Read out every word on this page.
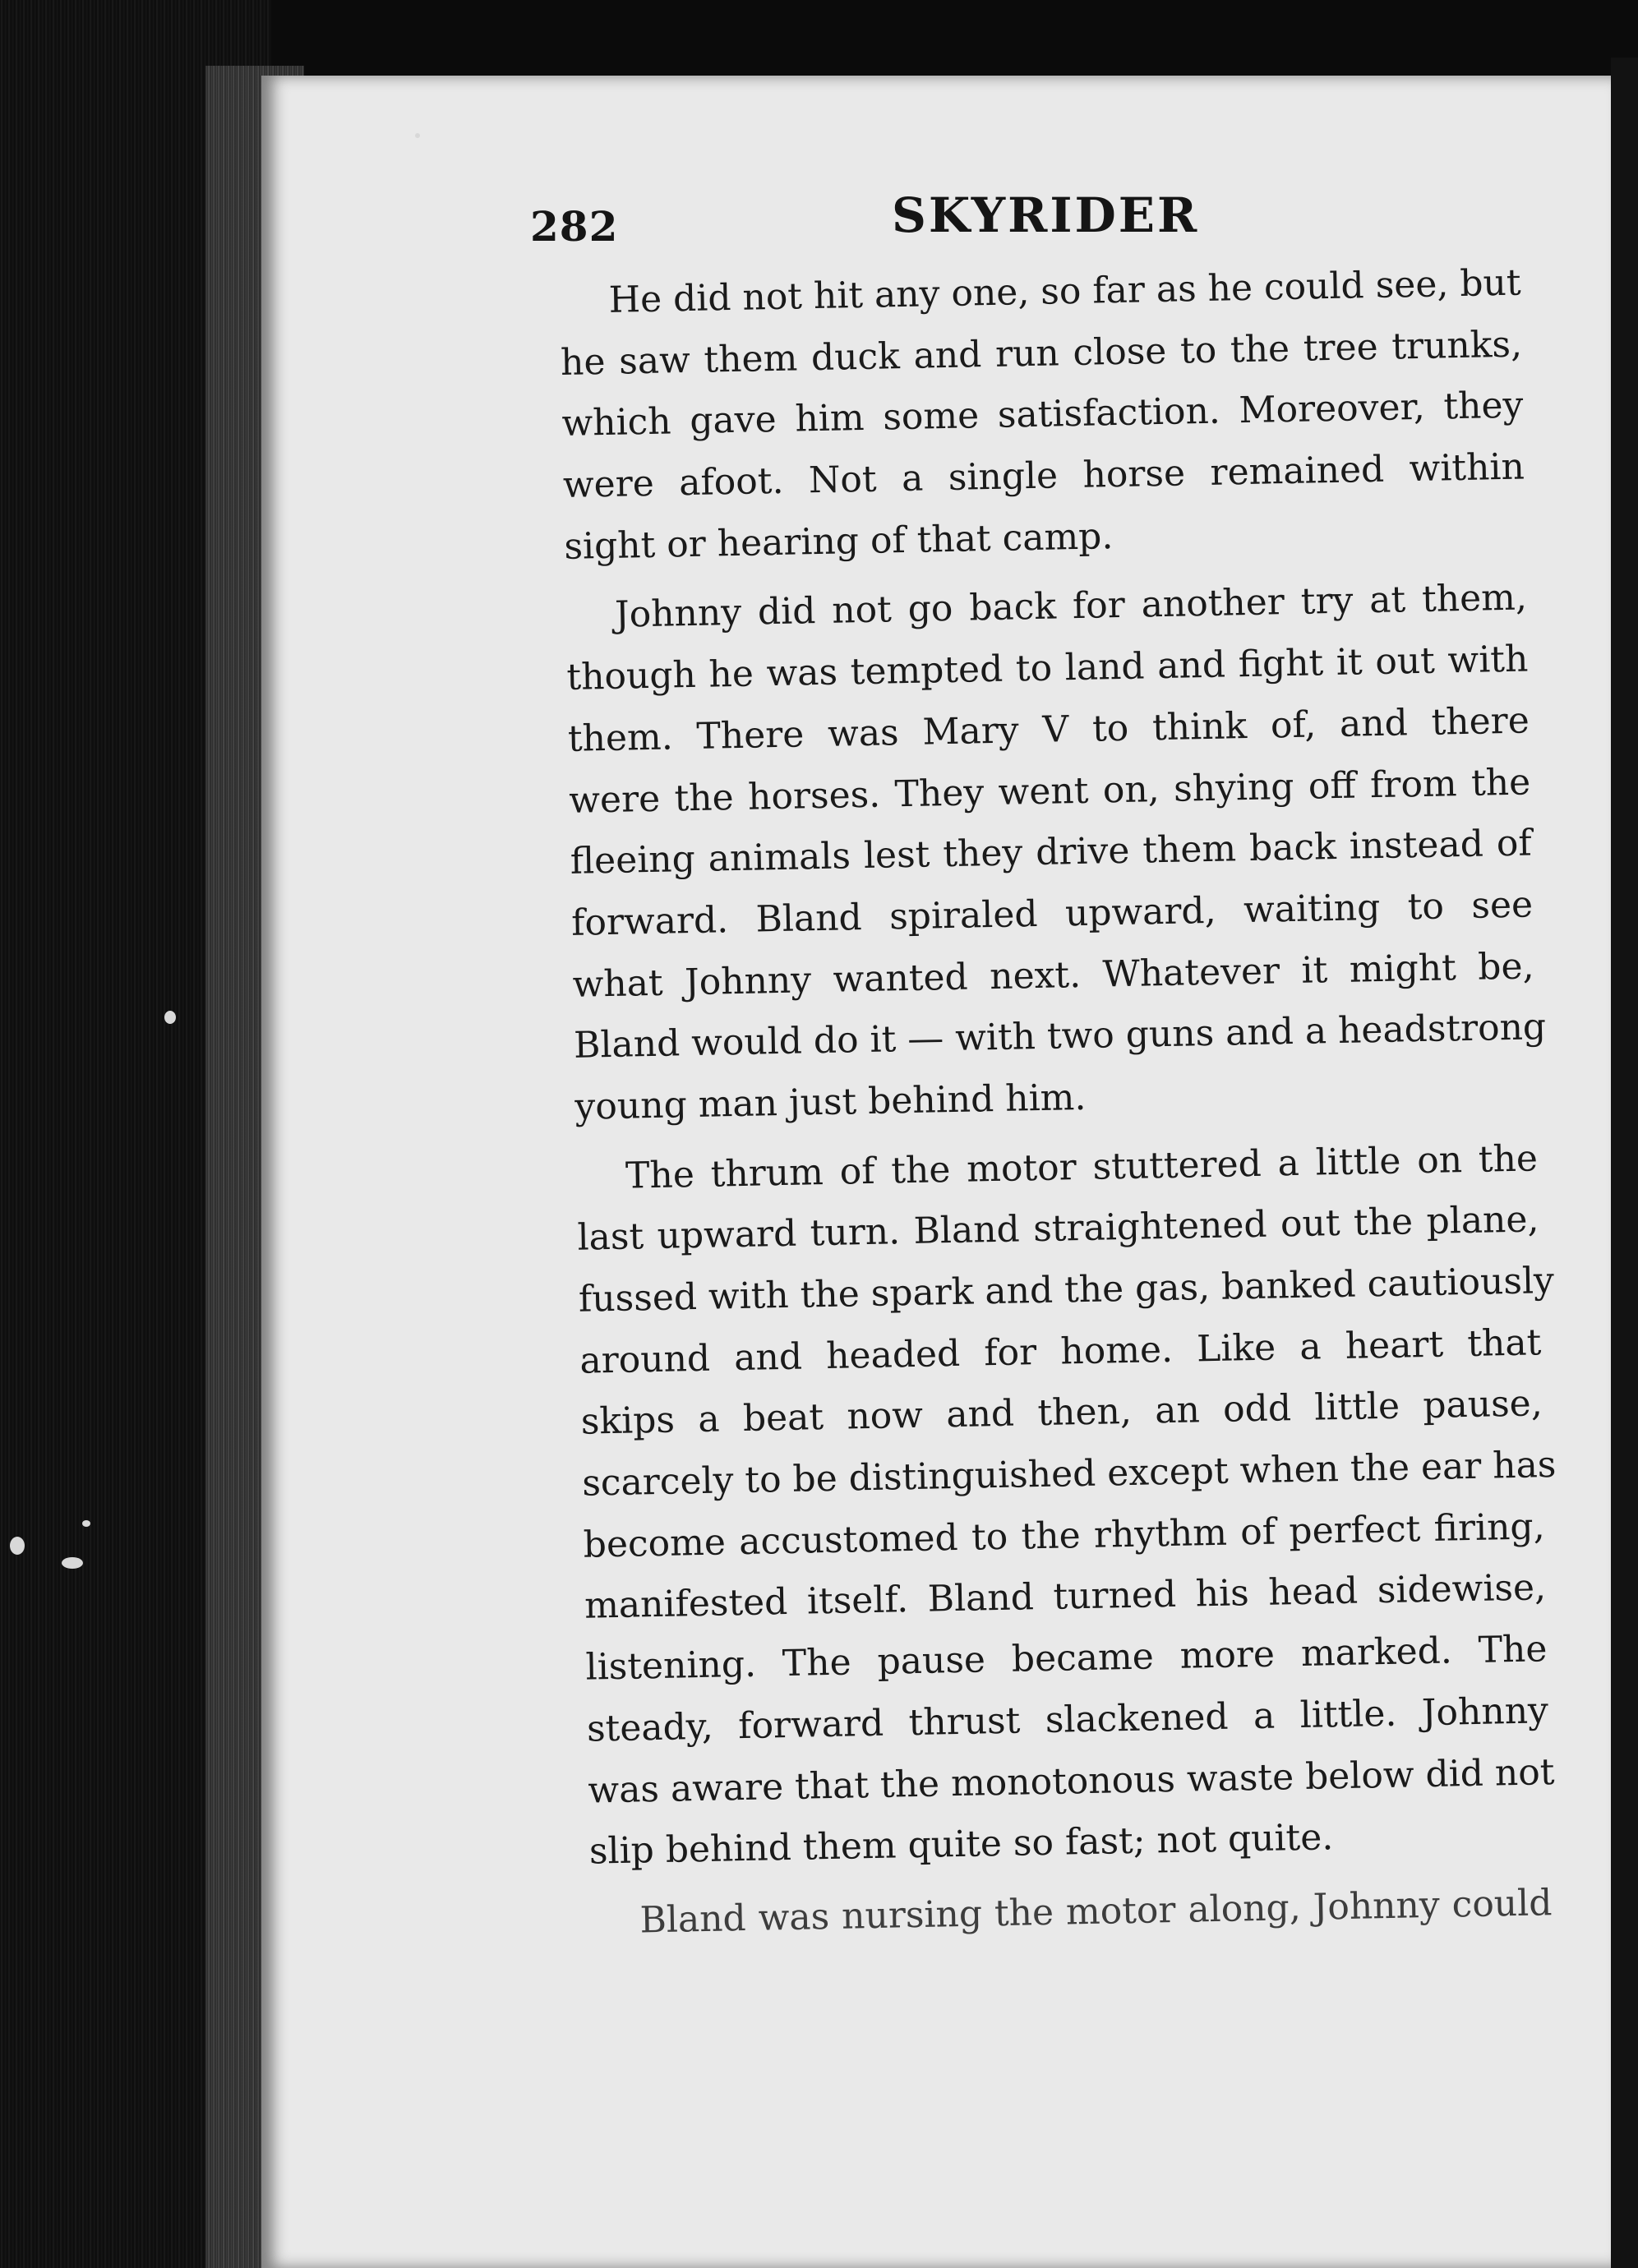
282	SKYRIDER
He did not hit any one, so far as he could see, but
he saw them duck and run close to the tree trunks,
which gave him some satisfaction. Moreover, they
were afoot. Not a single horse remained within
sight or hearing of that camp.
Johnny did not go back for another try at them,
though he was tempted to land and fight it out with
them. There was Mary V to think of, and there
were the horses. They went on, shying off from the
fleeing animals lest they drive them back instead of
forward. Bland spiraled upward, waiting to see
what Johnny wanted next. Whatever it might be,
Bland would do it — with two guns and a headstrong
young man just behind him.
The thrum of the motor stuttered a little on the
last upward turn. Bland straightened out the plane,
fussed with the spark and the gas, banked cautiously
around and headed for home. Like a heart that
skips a beat now and then, an odd little pause,
scarcely to be distinguished except when the ear has
become accustomed to the rhythm of perfect firing,
manifested itself. Bland turned his head sidewise,
listening. The pause became more marked. The
steady, forward thrust slackened a little. Johnny
was aware that the monotonous waste below did not
slip behind them quite so fast; not quite.
Bland was nursing the motor along, Johnny could
